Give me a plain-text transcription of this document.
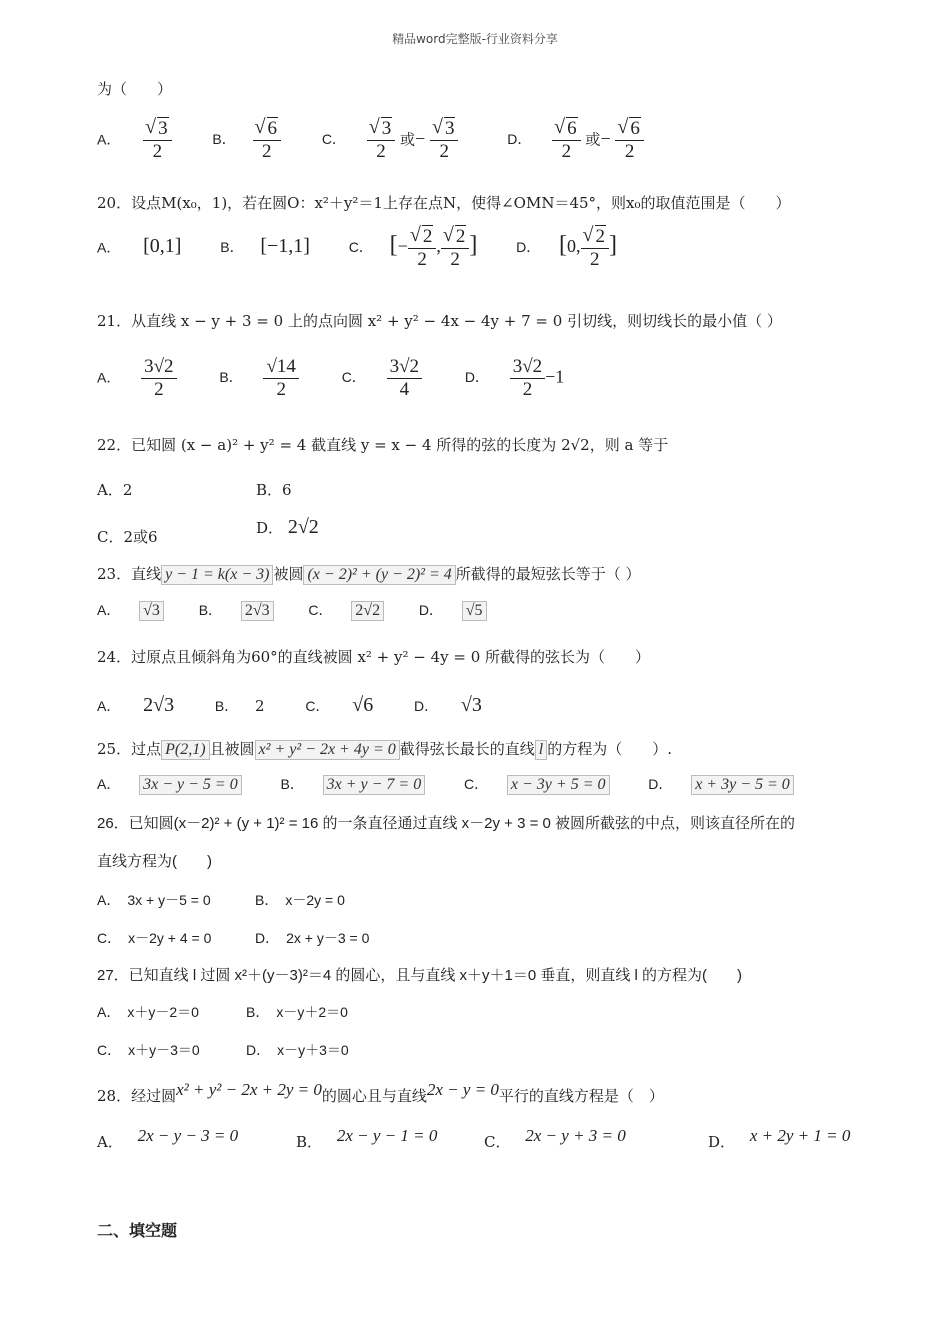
精品word完整版-行业资料分享
为（　　）
A． √ $\frac{3}{2}$	B． √ $\frac{6}{2}$	C． √ $\frac{3}{2}$ 或− √ $\frac{3}{2}$	D． √ $\frac{6}{2}$ 或− √ $\frac{6}{2}$
20．设点M(x₀，1)，若在圆O：x²＋y²＝1上存在点N，使得∠OMN＝45°，则x₀的取值范围是（　　）
A． [0,1]	B． [−1,1]	C． [− √ $\frac{2}{2}$ , √ $\frac{2}{2}$ ]	D． [0, √ $\frac{2}{2}$ ]
21．从直线 x − y + 3 = 0 上的点向圆 x² + y² − 4x − 4y + 7 = 0 引切线，则切线长的最小值（ ）
A． $\frac{3√2}{2}$	B． $\frac{√14}{2}$	C． $\frac{3√2}{4}$	D． $\frac{3√2}{2} -1$
22．已知圆 (x − a)² + y² = 4 截直线 y = x − 4 所得的弦的长度为 2√2，则 a 等于
A．2	B．6
C．2或6	D． 2√2
23．直线 y − 1 = k(x − 3) 被圆 (x − 2)² + (y − 2)² = 4 所截得的最短弦长等于（ ）
A． √3	B． 2√3	C． 2√2	D． √5
24．过原点且倾斜角为60°的直线被圆 x² + y² − 4y = 0 所截得的弦长为（　　）
A． 2√3	B． 2	C． √6	D． √3
25．过点 P(2,1) 且被圆 x² + y² − 2x + 4y = 0 截得弦长最长的直线 l 的方程为（　　）.
A． 3x − y − 5 = 0	B． 3x + y − 7 = 0	C． x − 3y + 5 = 0	D． x + 3y − 5 = 0
26．已知圆(x－2)² + (y + 1)² = 16 的一条直径通过直线 x－2y + 3 = 0 被圆所截弦的中点，则该直径所在的
直线方程为(　　)
A．　3x + y－5 = 0	B．　x－2y = 0
C．　x－2y + 4 = 0	D．　2x + y－3 = 0
27．已知直线 l 过圆 x²＋(y－3)²＝4 的圆心，且与直线 x＋y＋1＝0 垂直，则直线 l 的方程为(　　)
A．　x＋y－2＝0	B．　x－y＋2＝0
C．　x＋y－3＝0	D．　x－y＋3＝0
28．经过圆x² + y² − 2x + 2y = 0的圆心且与直线2x − y = 0平行的直线方程是（　）
A． 2x − y − 3 = 0	B． 2x − y − 1 = 0	C． 2x − y + 3 = 0	D． x + 2y + 1 = 0
二、填空题
